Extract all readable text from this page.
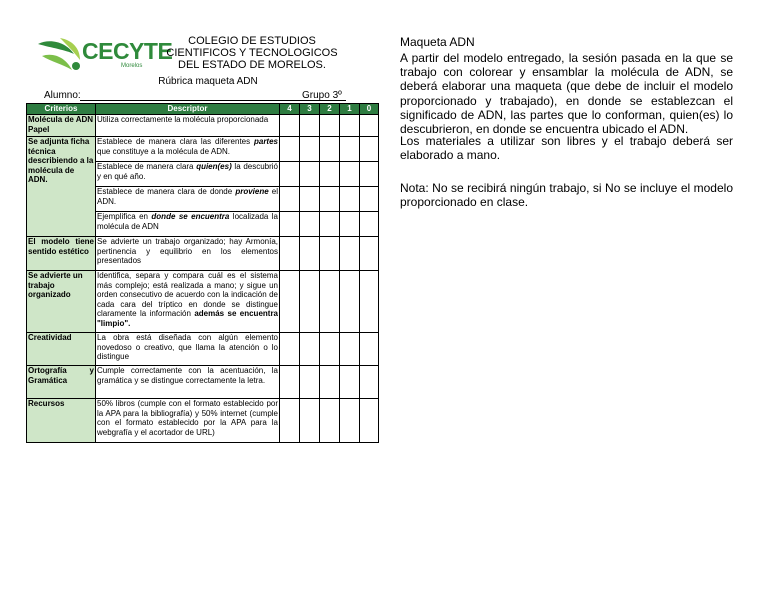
CECYTE
Morelos
COLEGIO DE ESTUDIOS
CIENTIFICOS Y TECNOLOGICOS
DEL ESTADO DE MORELOS.
Rúbrica maqueta ADN
Alumno:	Grupo 3º
Criterios	Descriptor	4	3	2	1	0
Molécula de ADN Papel	Utiliza correctamente la molécula proporcionada					
Se adjunta ficha técnica describiendo a la molécula de ADN.	Establece de manera clara las diferentes partes que constituye a la molécula de ADN.					
	Establece de manera clara quien(es) la descubrió y en qué año.					
	Establece de manera clara de donde proviene el ADN.					
	Ejemplifica en donde se encuentra localizada la molécula de ADN					
El modelo tiene sentido estético	Se advierte un trabajo organizado; hay Armonía, pertinencia y equilibrio en los elementos presentados					
Se advierte un trabajo organizado	Identifica, separa y compara cuál es el sistema más complejo; está realizada a mano; y sigue un orden consecutivo de acuerdo con la indicación de cada cara del tríptico en donde se distingue claramente la información además se encuentra "limpio".					
Creatividad	La obra está diseñada con algún elemento novedoso o creativo, que llama la atención o lo distingue					
Ortografía y Gramática	Cumple correctamente con la acentuación, la gramática y se distingue correctamente la letra.					
Recursos	50% libros (cumple con el formato establecido por la APA para la bibliografía) y 50% internet (cumple con el formato establecido por la APA para la webgrafía y el acortador de URL)					
Maqueta ADN
A partir del modelo entregado, la sesión pasada en la que se trabajo con colorear y ensamblar la molécula de ADN, se deberá elaborar una maqueta (que debe de incluir el modelo proporcionado y trabajado), en donde se establezcan el significado de ADN, las partes que lo conforman, quien(es) lo descubrieron, en donde se encuentra ubicado el ADN.
Los materiales a utilizar son libres y el trabajo deberá ser elaborado a mano.
Nota: No se recibirá ningún trabajo, si No se incluye el modelo proporcionado en clase.
